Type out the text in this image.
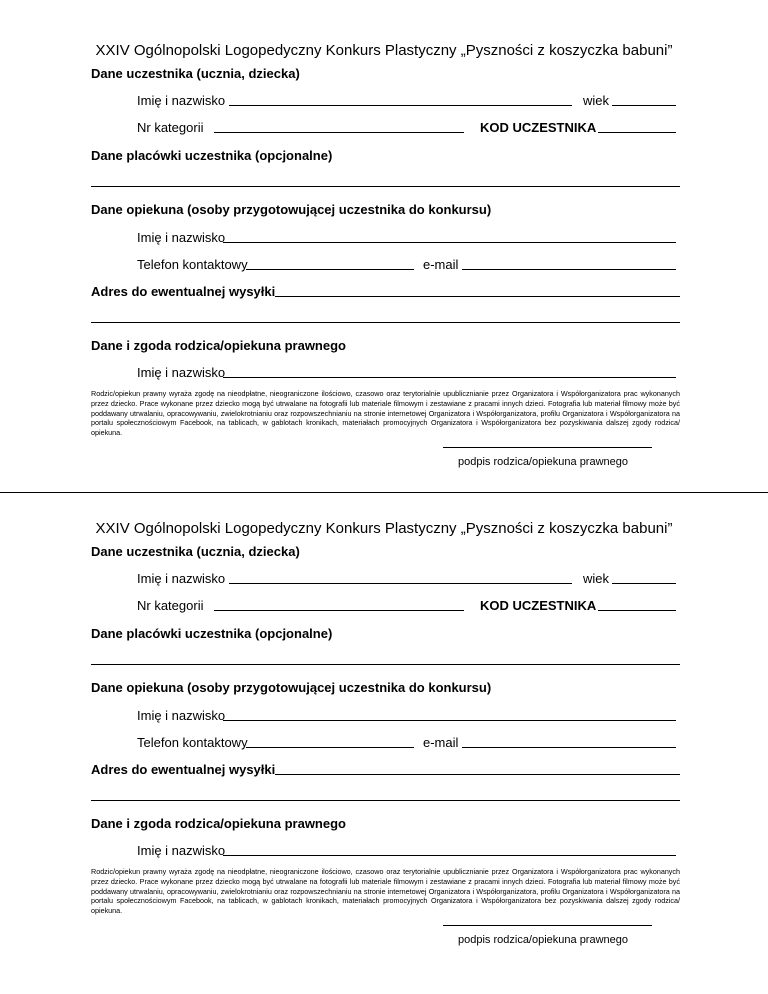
XXIV Ogólnopolski Logopedyczny Konkurs Plastyczny „Pyszności z koszyczka babuni”
Dane uczestnika (ucznia, dziecka)
Imię i nazwisko	wiek
Nr kategorii	KOD UCZESTNIKA
Dane placówki uczestnika (opcjonalne)
Dane opiekuna (osoby przygotowującej uczestnika do konkursu)
Imię i nazwisko
Telefon kontaktowy	e-mail
Adres do ewentualnej wysyłki
Dane i zgoda rodzica/opiekuna prawnego
Imię i nazwisko
Rodzic/opiekun prawny wyraża zgodę na nieodpłatne, nieograniczone ilościowo, czasowo oraz terytorialnie upublicznianie przez Organizatora i Współorganizatora prac wykonanych przez dziecko. Prace wykonane przez dziecko mogą być utrwalane na fotografii lub materiale filmowym i zestawiane z pracami innych dzieci. Fotografia lub materiał filmowy może być poddawany utrwalaniu, opracowywaniu, zwielokrotnianiu oraz rozpowszechnianiu na stronie internetowej Organizatora i Współorganizatora, profilu Organizatora i Współorganizatora na portalu społecznościowym Facebook, na tablicach, w gablotach kronikach, materiałach promocyjnych Organizatora i Współorganizatora bez pozyskiwania dalszej zgody rodzica/ opiekuna.
podpis rodzica/opiekuna prawnego
XXIV Ogólnopolski Logopedyczny Konkurs Plastyczny „Pyszności z koszyczka babuni”
Dane uczestnika (ucznia, dziecka)
Imię i nazwisko	wiek
Nr kategorii	KOD UCZESTNIKA
Dane placówki uczestnika (opcjonalne)
Dane opiekuna (osoby przygotowującej uczestnika do konkursu)
Imię i nazwisko
Telefon kontaktowy	e-mail
Adres do ewentualnej wysyłki
Dane i zgoda rodzica/opiekuna prawnego
Imię i nazwisko
Rodzic/opiekun prawny wyraża zgodę na nieodpłatne, nieograniczone ilościowo, czasowo oraz terytorialnie upublicznianie przez Organizatora i Współorganizatora prac wykonanych przez dziecko. Prace wykonane przez dziecko mogą być utrwalane na fotografii lub materiale filmowym i zestawiane z pracami innych dzieci. Fotografia lub materiał filmowy może być poddawany utrwalaniu, opracowywaniu, zwielokrotnianiu oraz rozpowszechnianiu na stronie internetowej Organizatora i Współorganizatora, profilu Organizatora i Współorganizatora na portalu społecznościowym Facebook, na tablicach, w gablotach kronikach, materiałach promocyjnych Organizatora i Współorganizatora bez pozyskiwania dalszej zgody rodzica/ opiekuna.
podpis rodzica/opiekuna prawnego
